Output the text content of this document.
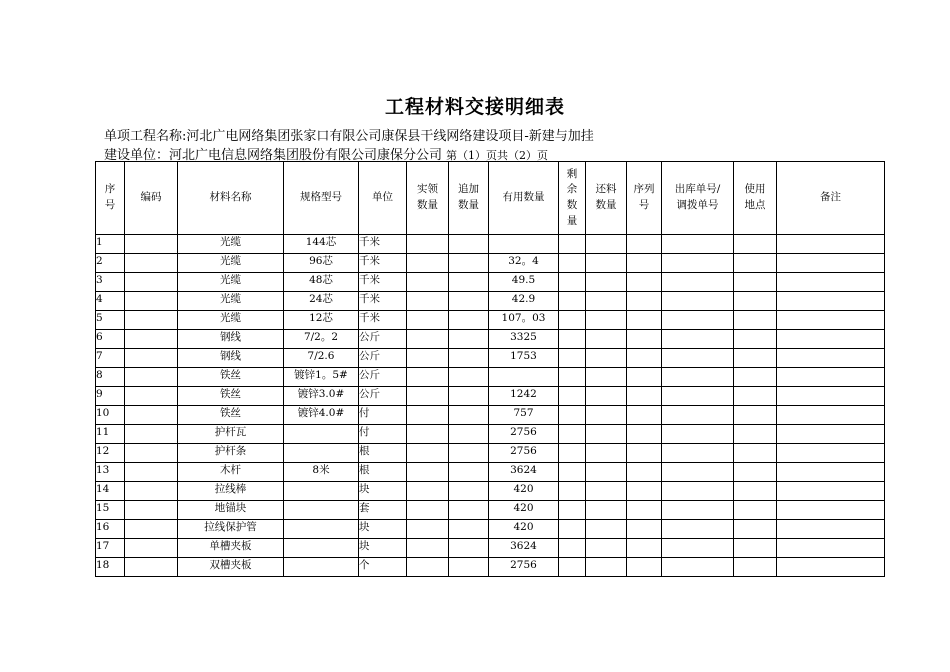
工程材料交接明细表
单项工程名称:河北广电网络集团张家口有限公司康保县干线网络建设项目-新建与加挂
建设单位：河北广电信息网络集团股份有限公司康保分公司 第（1）页共（2）页
序
号	编码	材料名称	规格型号	单位	实领
数量	追加
数量	有用数量	剩
余
数
量	还料
数量	序列
号	出库单号/
调拨单号	使用
地点	备注
1		光缆	144芯	千米									
2		光缆	96芯	千米			32。4						
3		光缆	48芯	千米			49.5						
4		光缆	24芯	千米			42.9						
5		光缆	12芯	千米			107。03						
6		钢线	7/2。2	公斤			3325						
7		钢线	7/2.6	公斤			1753						
8		铁丝	镀锌1。5#	公斤									
9		铁丝	镀锌3.0#	公斤			1242						
10		铁丝	镀锌4.0#	付			757						
11		护杆瓦		付			2756						
12		护杆条		根			2756						
13		木杆	8米	根			3624						
14		拉线棒		块			420						
15		地锚块		套			420						
16		拉线保护管		块			420						
17		单槽夹板		块			3624						
18		双槽夹板		个			2756						
